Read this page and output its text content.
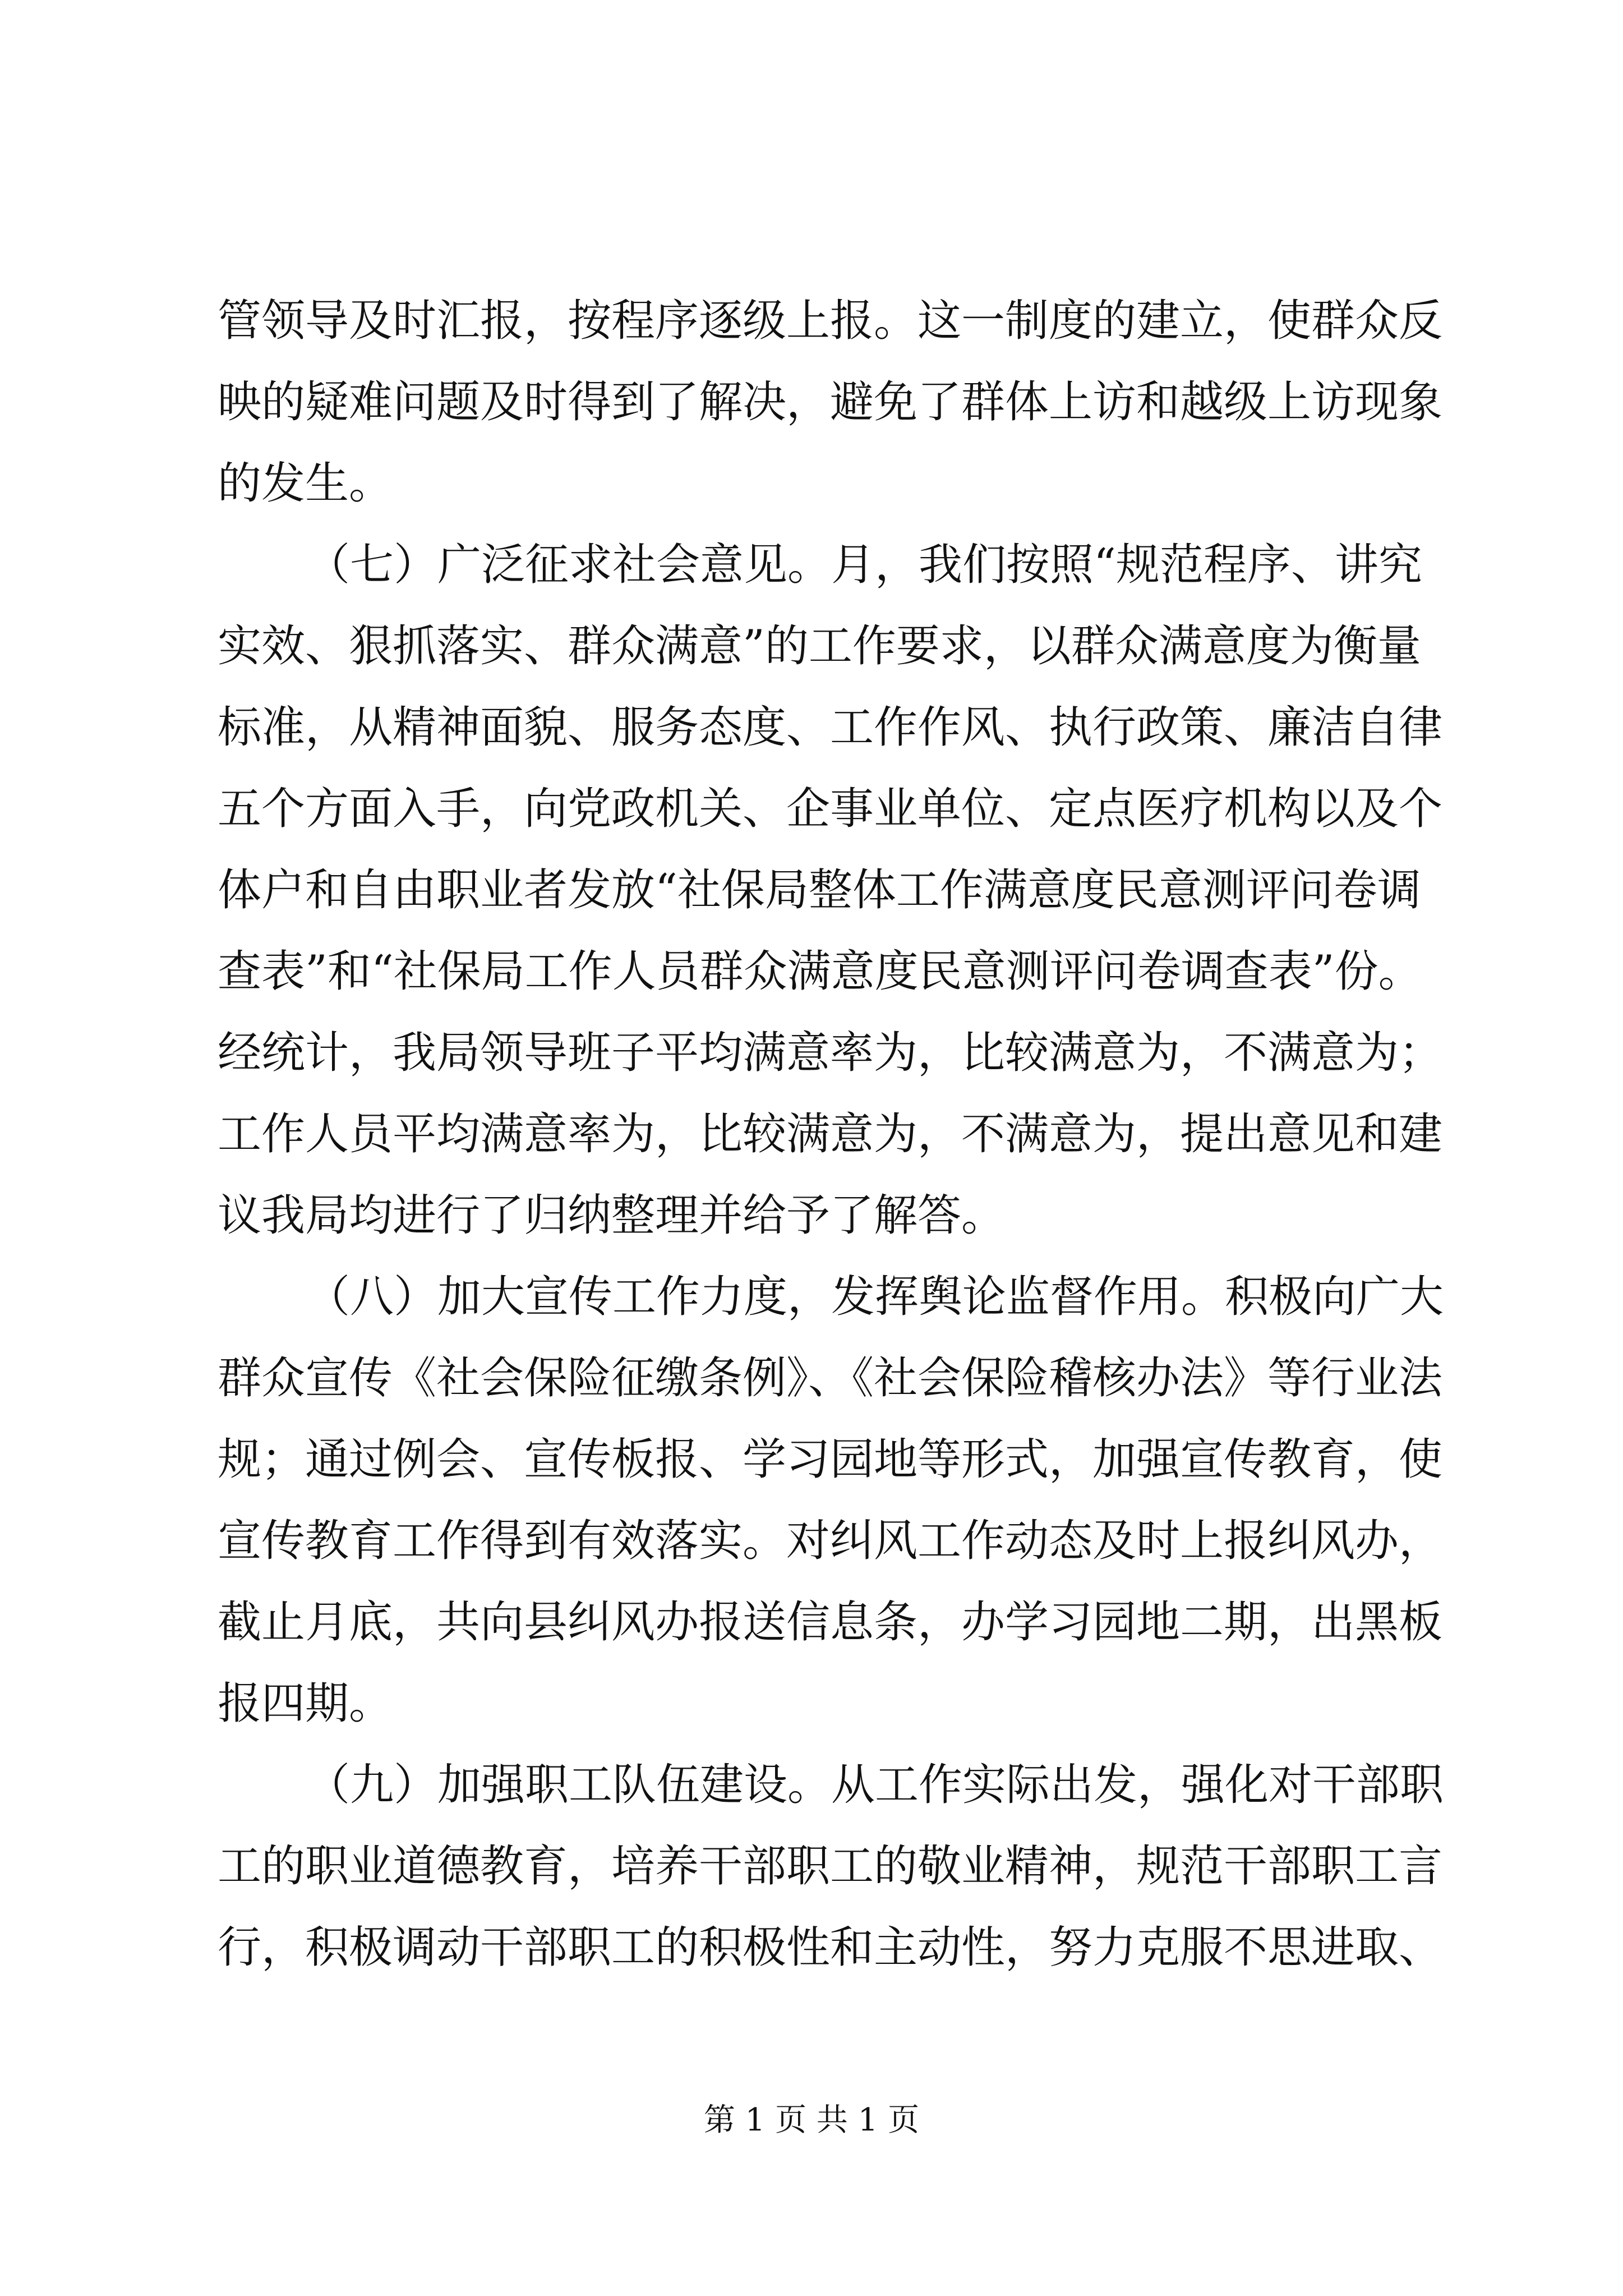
管领导及时汇报，按程序逐级上报。这一制度的建立，使群众反
映的疑难问题及时得到了解决，避免了群体上访和越级上访现象
的发生。
（七）广泛征求社会意见。月，我们按照“规范程序、讲究
实效、狠抓落实、群众满意”的工作要求，以群众满意度为衡量
标准，从精神面貌、服务态度、工作作风、执行政策、廉洁自律
五个方面入手，向党政机关、企事业单位、定点医疗机构以及个
体户和自由职业者发放“社保局整体工作满意度民意测评问卷调
查表”和“社保局工作人员群众满意度民意测评问卷调查表”份。
经统计，我局领导班子平均满意率为，比较满意为，不满意为；
工作人员平均满意率为，比较满意为，不满意为，提出意见和建
议我局均进行了归纳整理并给予了解答。
（八）加大宣传工作力度，发挥舆论监督作用。积极向广大
群众宣传《社会保险征缴条例》、《社会保险稽核办法》等行业法
规；通过例会、宣传板报、学习园地等形式，加强宣传教育，使
宣传教育工作得到有效落实。对纠风工作动态及时上报纠风办，
截止月底，共向县纠风办报送信息条，办学习园地二期，出黑板
报四期。
（九）加强职工队伍建设。从工作实际出发，强化对干部职
工的职业道德教育，培养干部职工的敬业精神，规范干部职工言
行，积极调动干部职工的积极性和主动性，努力克服不思进取、
第 1 页 共 1 页
